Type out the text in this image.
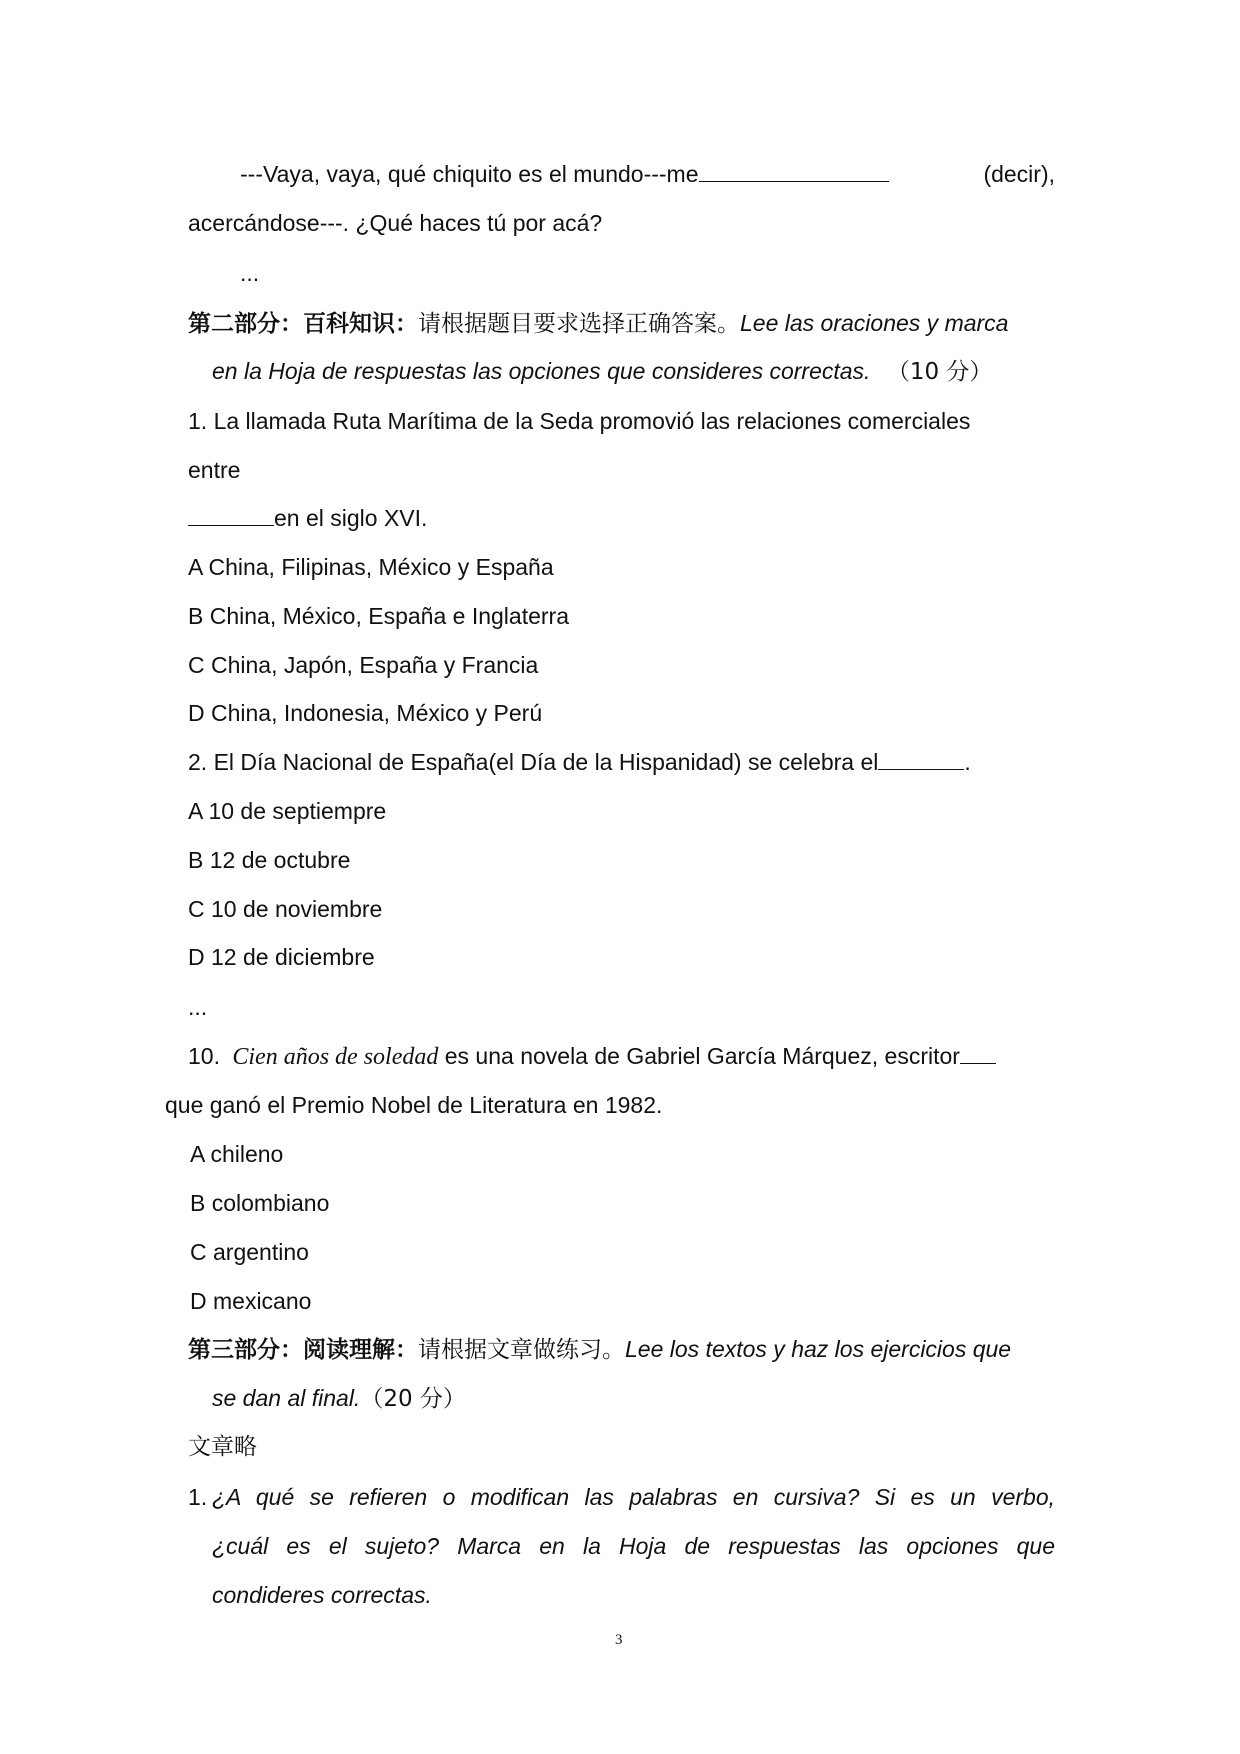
---Vaya, vaya, qué chiquito es el mundo---me	(decir),
acercándose---. ¿Qué haces tú por acá?
...
第二部分：百科知识：请根据题目要求选择正确答案。Lee las oraciones y marca
en la Hoja de respuestas las opciones que consideres correctas. （10 分）
1. La llamada Ruta Marítima de la Seda promovió las relaciones comerciales
entre
en el siglo XVI.
A China, Filipinas, México y España
B China, México, España e Inglaterra
C China, Japón, España y Francia
D China, Indonesia, México y Perú
2. El Día Nacional de España(el Día de la Hispanidad) se celebra el	.
A 10 de septiempre
B 12 de octubre
C 10 de noviembre
D 12 de diciembre
...
10. Cien años de soledad es una novela de Gabriel García Márquez, escritor
que ganó el Premio Nobel de Literatura en 1982.
A chileno
B colombiano
C argentino
D mexicano
第三部分：阅读理解：请根据文章做练习。Lee los textos y haz los ejercicios que
se dan al final.（20 分）
文章略
1. ¿A qué se refieren o modifican las palabras en cursiva? Si es un verbo,
¿cuál es el sujeto? Marca en la Hoja de respuestas las opciones que
condideres correctas.
3
